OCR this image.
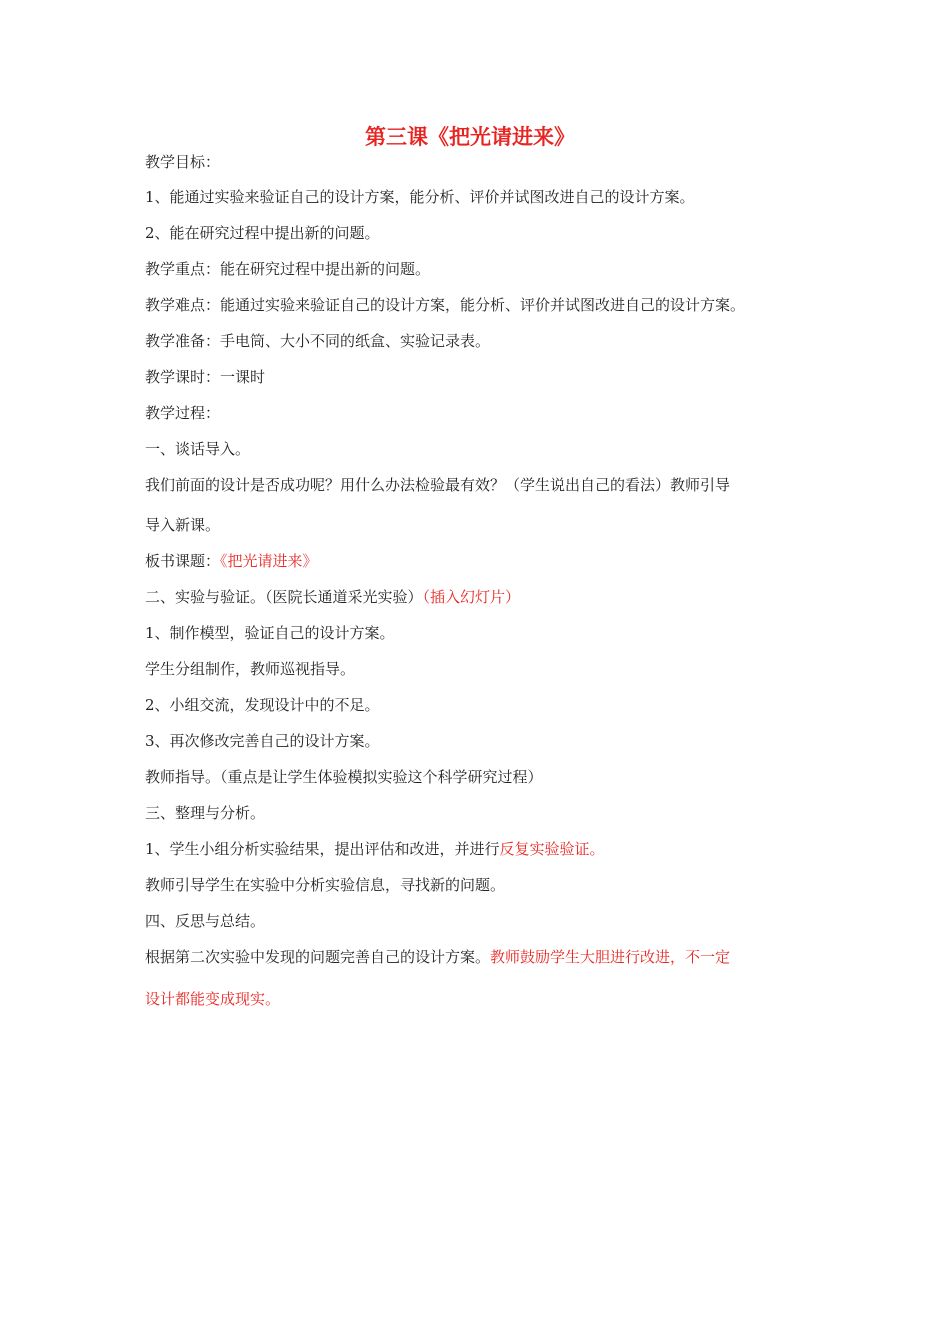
第三课《把光请进来》

教学目标：

1、能通过实验来验证自己的设计方案，能分析、评价并试图改进自己的设计方案。

2、能在研究过程中提出新的问题。

教学重点：能在研究过程中提出新的问题。

教学难点：能通过实验来验证自己的设计方案，能分析、评价并试图改进自己的设计方案。

教学准备：手电筒、大小不同的纸盒、实验记录表。

教学课时：一课时

教学过程：

一、谈话导入。

我们前面的设计是否成功呢？用什么办法检验最有效？（学生说出自己的看法）教师引导

导入新课。

板书课题：《把光请进来》

二、实验与验证。（医院长通道采光实验）（插入幻灯片）

1、制作模型，验证自己的设计方案。

学生分组制作，教师巡视指导。

2、小组交流，发现设计中的不足。

3、再次修改完善自己的设计方案。

教师指导。（重点是让学生体验模拟实验这个科学研究过程）

三、整理与分析。

1、学生小组分析实验结果，提出评估和改进，并进行反复实验验证。

教师引导学生在实验中分析实验信息，寻找新的问题。

四、反思与总结。

根据第二次实验中发现的问题完善自己的设计方案。教师鼓励学生大胆进行改进，不一定

设计都能变成现实。
